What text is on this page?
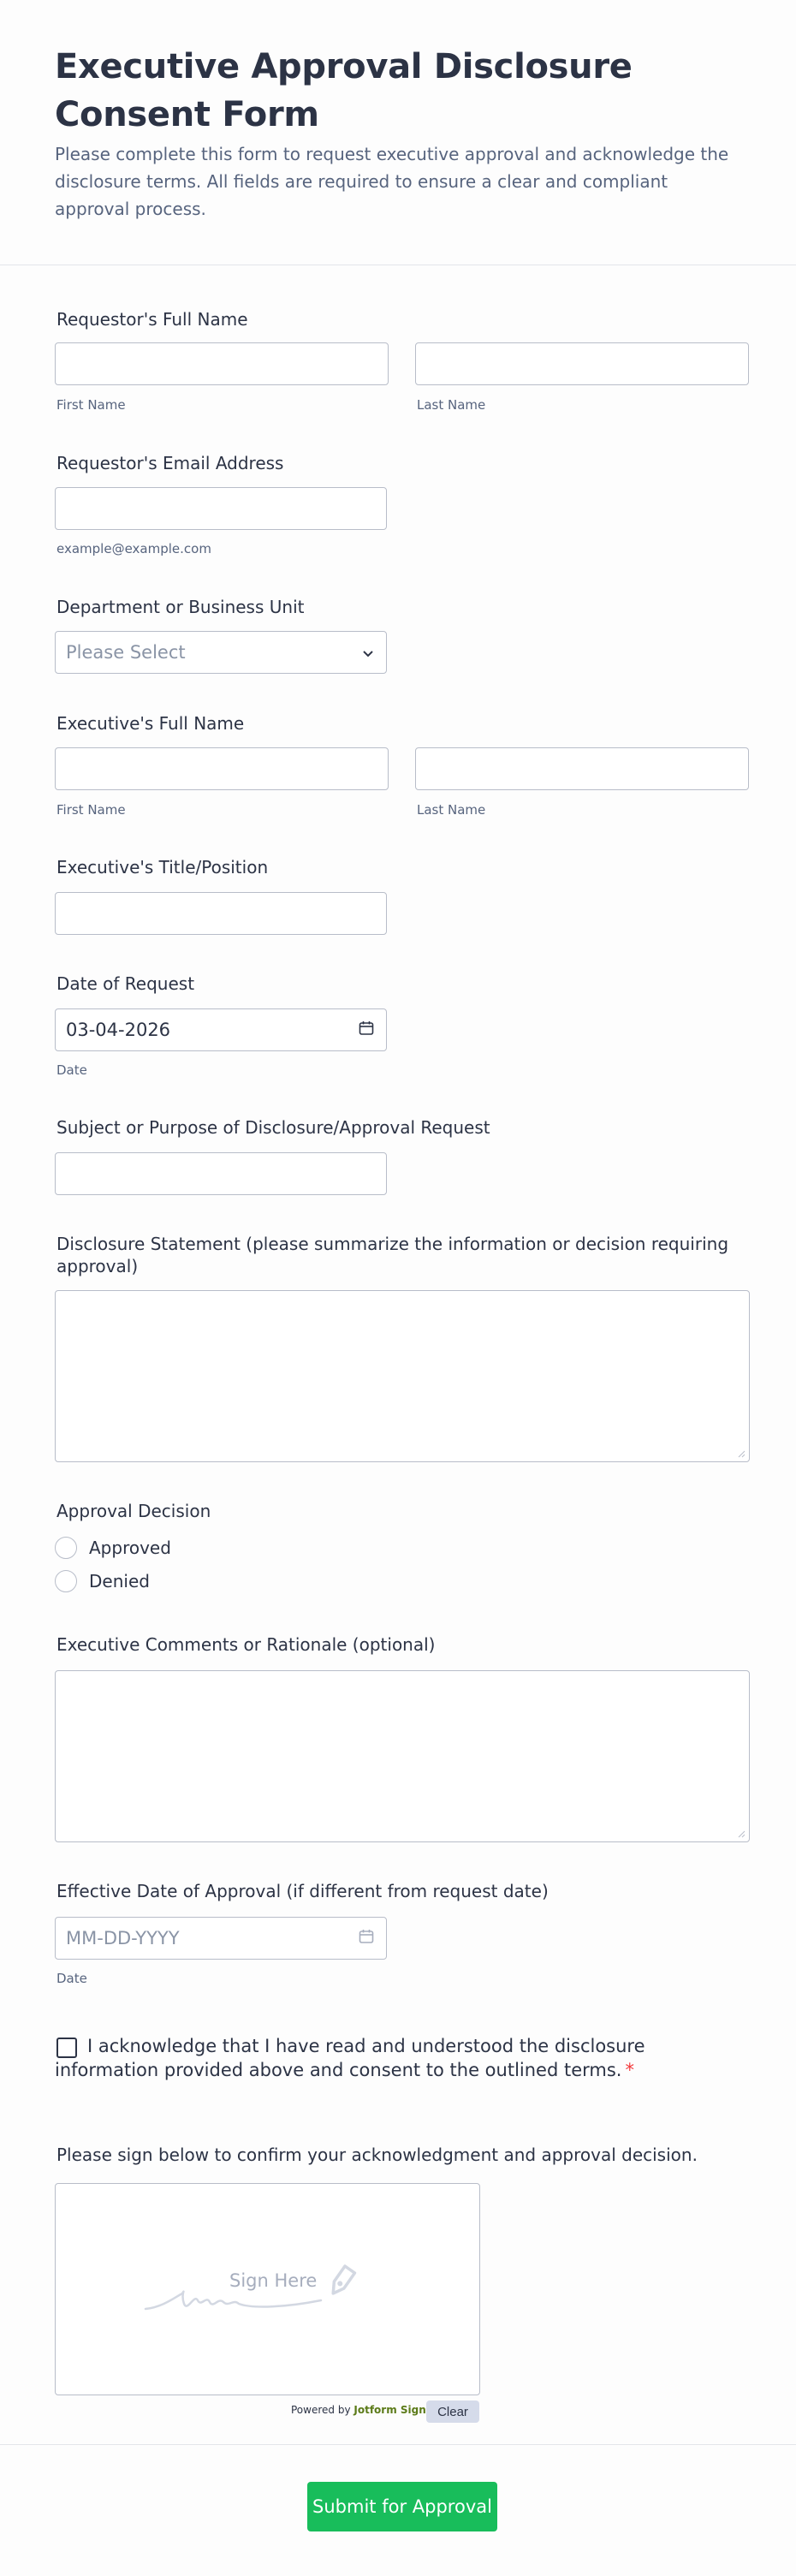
Executive Approval Disclosure Consent Form

Please complete this form to request executive approval and acknowledge the disclosure terms. All fields are required to ensure a clear and compliant approval process.

Requestor's Full Name
First Name	Last Name
Requestor's Email Address
example@example.com
Department or Business Unit
Please Select
Executive's Full Name
First Name	Last Name
Executive's Title/Position
Date of Request
03-04-2026
Date
Subject or Purpose of Disclosure/Approval Request
Disclosure Statement (please summarize the information or decision requiring approval)
Approval Decision
Approved
Denied
Executive Comments or Rationale (optional)
Effective Date of Approval (if different from request date)
MM-DD-YYYY
Date
I acknowledge that I have read and understood the disclosure information provided above and consent to the outlined terms. *
Please sign below to confirm your acknowledgment and approval decision.
Sign Here
Powered by Jotform Sign Clear
Submit for Approval
